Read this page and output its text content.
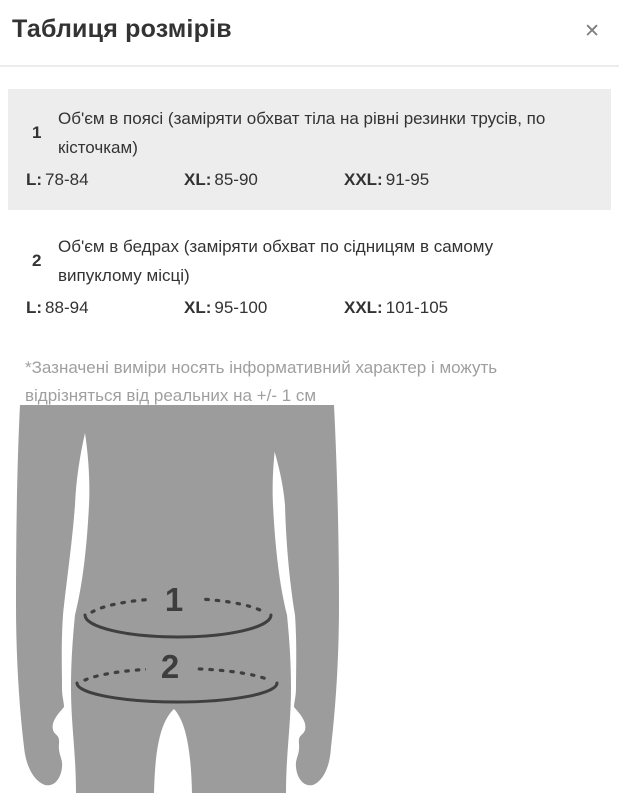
Таблиця розмірів	✕
1
Об'єм в поясі (заміряти обхват тіла на рівні резинки трусів, по кісточкам)
L: 78-84	XL: 85-90	XXL: 91-95
2
Об'єм в бедрах (заміряти обхват по сідницям в самому випуклому місці)
L: 88-94	XL: 95-100	XXL: 101-105

*Зазначені виміри носять інформативний характер і можуть відрізняться від реальних на +/- 1 см

1
2
